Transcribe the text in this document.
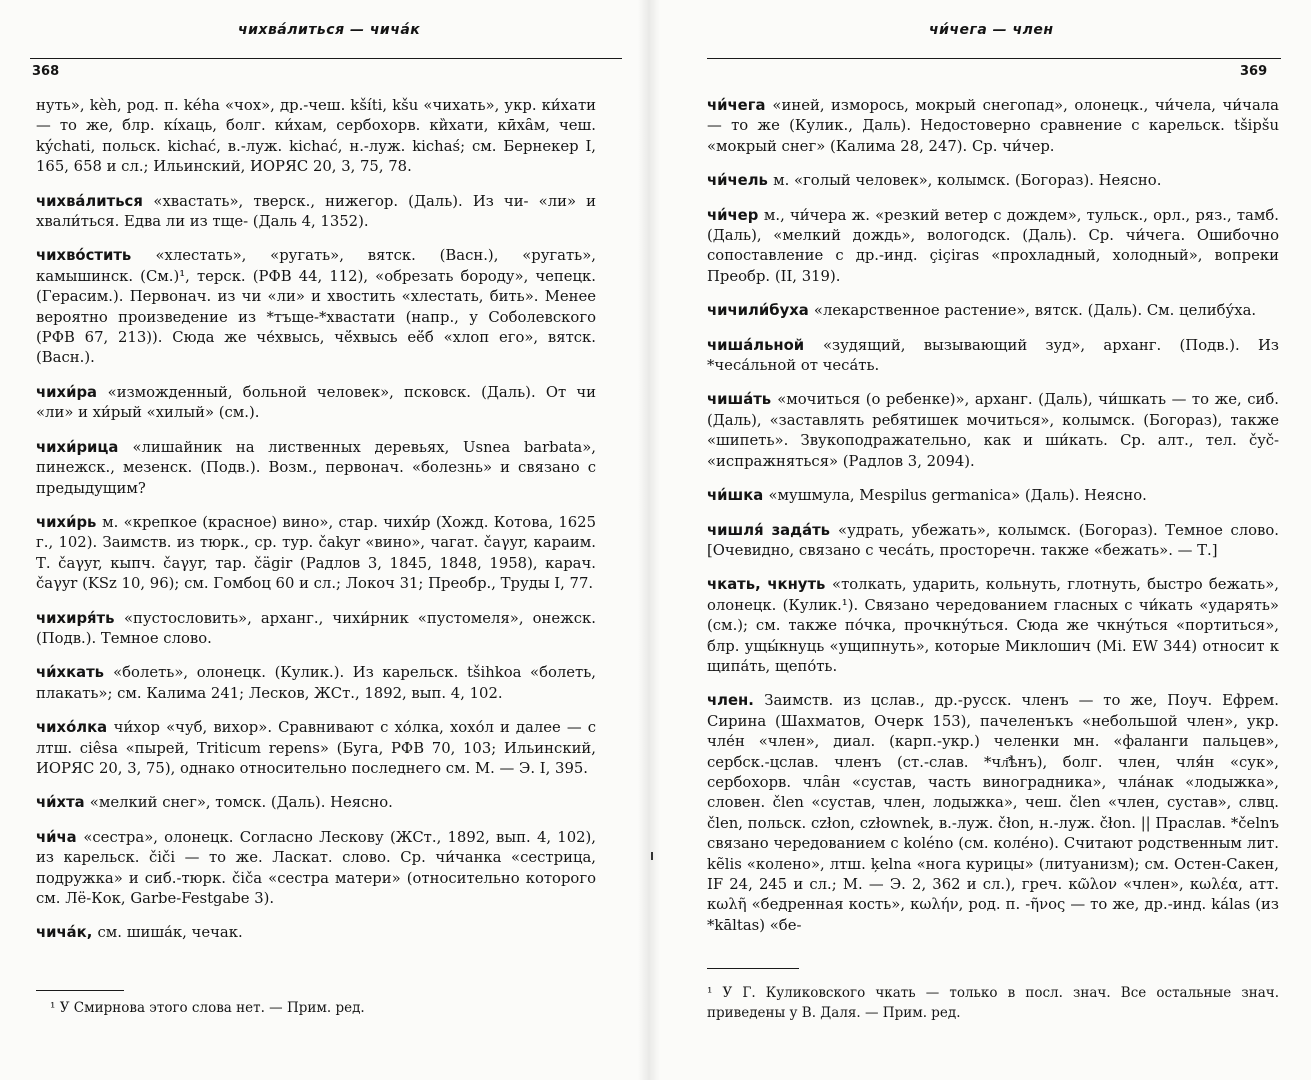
чихва́литься — чича́к
368

нуть», kèh, род. п. kéha «чох», др.-чеш. kšíti, kšu «чихать», укр. ки́хати — то же, блр. кі́хаць, болг. ки́хам, сербохорв. ки̏хати, кӣхȃм, чеш. kýchati, польск. kichać, в.-луж. kichać, н.-луж. kichaś; см. Бернекер I, 165, 658 и сл.; Ильинский, ИОРЯС 20, 3, 75, 78.

чихва́литься «хвастать», тверск., нижегор. (Даль). Из чи- «ли» и хвали́ться. Едва ли из тще- (Даль 4, 1352).

чихво́стить «хлестать», «ругать», вятск. (Васн.), «ругать», камышинск. (См.)¹, терск. (РФВ 44, 112), «обрезать бороду», чепецк. (Герасим.). Первонач. из чи «ли» и хвостить «хлестать, бить». Менее вероятно произведение из *тъще-*хвастати (напр., у Соболевского (РФВ 67, 213)). Сюда же че́хвысь, чё́хвысь её́б «хлоп его», вятск. (Васн.).

чихи́ра «изможденный, больной человек», псковск. (Даль). От чи «ли» и хи́рый «хилый» (см.).

чихи́рица «лишайник на лиственных деревьях, Usnea barbata», пинежск., мезенск. (Подв.). Возм., первонач. «болезнь» и связано с предыдущим?

чихи́рь м. «крепкое (красное) вино», стар. чихи́р (Хожд. Котова, 1625 г., 102). Заимств. из тюрк., ср. тур. čakyr «вино», чагат. čaγyr, караим. Т. čaγyr, кыпч. čaγyr, тар. čägir (Радлов 3, 1845, 1848, 1958), карач. čaγyr (KSz 10, 96); см. Гомбоц 60 и сл.; Локоч 31; Преобр., Труды I, 77.

чихиря́ть «пустословить», арханг., чихи́рник «пустомеля», онежск. (Подв.). Темное слово.

чи́хкать «болеть», олонецк. (Кулик.). Из карельск. tšihkoa «болеть, плакать»; см. Калима 241; Лесков, ЖСт., 1892, вып. 4, 102.

чихо́лка чи́хор «чуб, вихор». Сравнивают с хо́лка, хохо́л и далее — с лтш. ciêsa «пырей, Triticum repens» (Буга, РФВ 70, 103; Ильинский, ИОРЯС 20, 3, 75), однако относительно последнего см. М. — Э. I, 395.

чи́хта «мелкий снег», томск. (Даль). Неясно.

чи́ча «сестра», олонецк. Согласно Лескову (ЖСт., 1892, вып. 4, 102), из карельск. čiči — то же. Ласкат. слово. Ср. чи́чанка «сестрица, подружка» и сиб.-тюрк. čiča «сестра матери» (относительно которого см. Лё-Кок, Garbe-Festgabe 3).

чича́к, см. шиша́к, чечак.

¹ У Смирнова этого слова нет. — Прим. ред.
чи́чега — член
369

чи́чега «иней, изморось, мокрый снегопад», олонецк., чи́чела, чи́чала — то же (Кулик., Даль). Недостоверно сравнение с карельск. tšipšu «мокрый снег» (Калима 28, 247). Ср. чи́чер.

чи́чель м. «голый человек», колымск. (Богораз). Неясно.

чи́чер м., чи́чера ж. «резкий ветер с дождем», тульск., орл., ряз., тамб. (Даль), «мелкий дождь», вологодск. (Даль). Ср. чи́чега. Ошибочно сопоставление с др.-инд. çiçiras «прохладный, холодный», вопреки Преобр. (II, 319).

чичили́буха «лекарственное растение», вятск. (Даль). См. целибу́ха.

чиша́льной «зудящий, вызывающий зуд», арханг. (Подв.). Из *чеса́льной от чеса́ть.

чиша́ть «мочиться (о ребенке)», арханг. (Даль), чи́шкать — то же, сиб. (Даль), «заставлять ребятишек мочиться», колымск. (Богораз), также «шипеть». Звукоподражательно, как и ши́кать. Ср. алт., тел. čyč- «испражняться» (Радлов 3, 2094).

чи́шка «мушмула, Mespilus germanica» (Даль). Неясно.

чишля́ зада́ть «удрать, убежать», колымск. (Богораз). Темное слово. [Очевидно, связано с чеса́ть, просторечн. также «бежать». — Т.]

чкать, чкнуть «толкать, ударить, кольнуть, глотнуть, быстро бежать», олонецк. (Кулик.¹). Связано чередованием гласных с чи́кать «ударять» (см.); см. также по́чка, прочкну́ться. Сюда же чкну́ться «портиться», блр. ущы́кнуць «ущипнуть», которые Миклошич (Mi. EW 344) относит к щипа́ть, щепо́ть.

член. Заимств. из цслав., др.-русск. членъ — то же, Поуч. Ефрем. Сирина (Шахматов, Очерк 153), пачеленъкъ «небольшой член», укр. чле́н «член», диал. (карп.-укр.) челенки мн. «фаланги пальцев», сербск.-цслав. членъ (ст.-слав. *чл҄ѣнъ), болг. член, чля́н «сук», сербохорв. чла̑н «сустав, часть виноградника», чла́нак «лодыжка», словен. člen «сустав, член, лодыжка», чеш. člen «член, сустав», слвц. člen, польск. człon, człownek, в.-луж. čłon, н.-луж. čłon. || Праслав. *čelnъ связано чередованием с koléno (см. коле́но). Считают родственным лит. kẽlis «колено», лтш. ķelna «нога курицы» (литуанизм); см. Остен-Сакен, IF 24, 245 и сл.; М. — Э. 2, 362 и сл.), греч. κῶλον «член», κωλέα, атт. κωλῆ «бедренная кость», κωλήν, род. п. -ῆνος — то же, др.-инд. kálas (из *kāltas) «бе-

¹ У Г. Куликовского чкать — только в посл. знач. Все остальные знач. приведены у В. Даля. — Прим. ред.
